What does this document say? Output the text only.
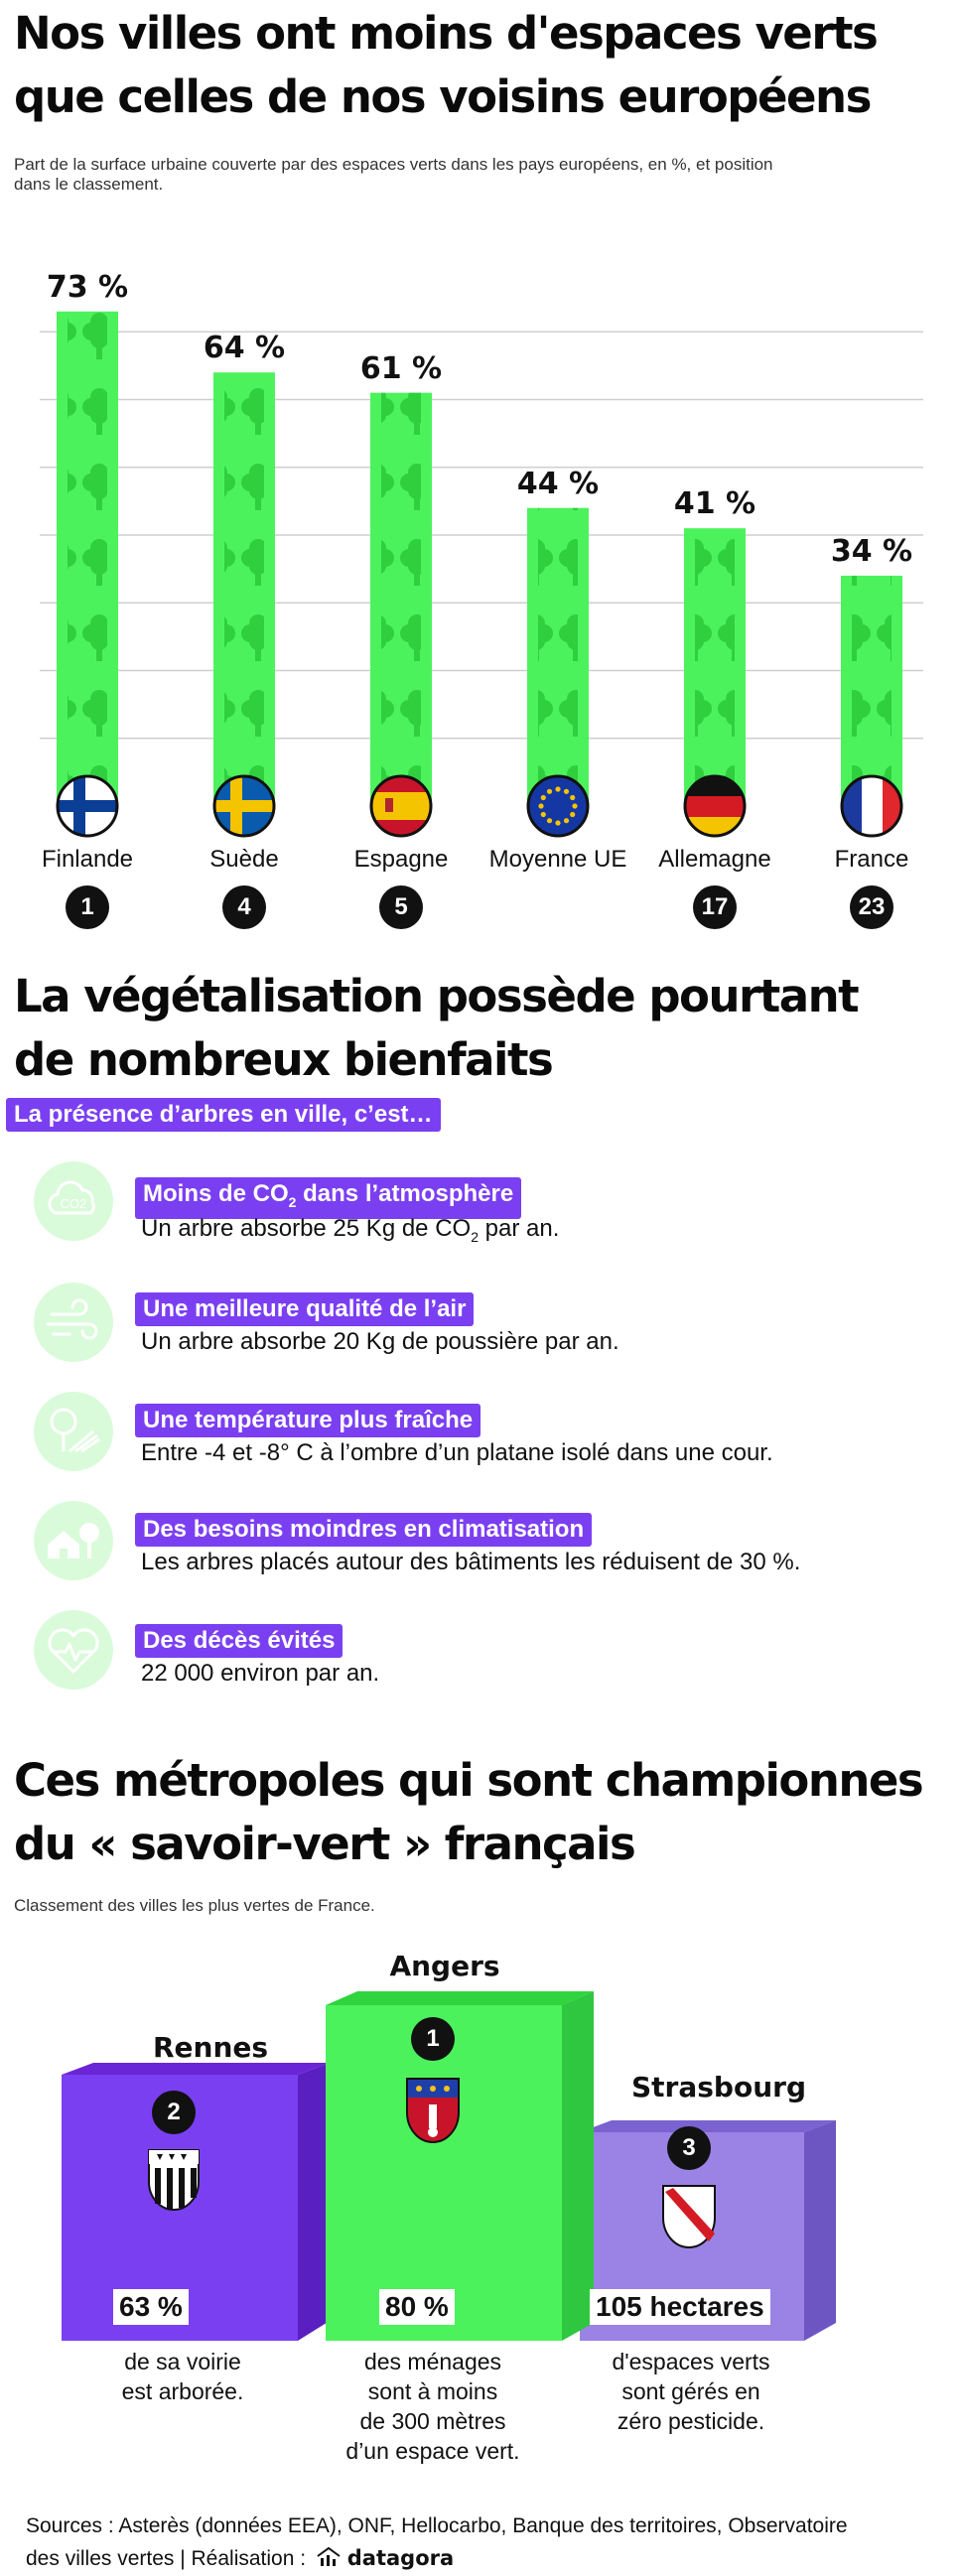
Nos villes ont moins d'espaces verts
que celles de nos voisins européens
Part de la surface urbaine couverte par des espaces verts dans les pays européens, en %, et position
dans le classement.
73 %
Finlande
1
64 %
Suède
4
61 %
Espagne
5
44 %
Moyenne UE
41 %
Allemagne
17
34 %
France
23
La végétalisation possède pourtant
de nombreux bienfaits
La présence d’arbres en ville, c’est…
CO2	Moins de $CO_2$ dans l’atmosphère
Un arbre absorbe 25 Kg de $CO_2$ par an.
Une meilleure qualité de l’air
Un arbre absorbe 20 Kg de poussière par an.
Une température plus fraîche
Entre -4 et -8° C à l’ombre d’un platane isolé dans une cour.
Des besoins moindres en climatisation
Les arbres placés autour des bâtiments les réduisent de 30 %.
Des décès évités
22 000 environ par an.
Ces métropoles qui sont championnes
du « savoir-vert » français
Classement des villes les plus vertes de France.
Rennes
Angers
Strasbourg
2
1
3
63 %	80 %	105 hectares
de sa voirie
est arborée.
des ménages
sont à moins
de 300 mètres
d’un espace vert.
d'espaces verts
sont gérés en
zéro pesticide.
Sources : Asterès (données EEA), ONF, Hellocarbo, Banque des territoires, Observatoire
des villes vertes | Réalisation : datagora
